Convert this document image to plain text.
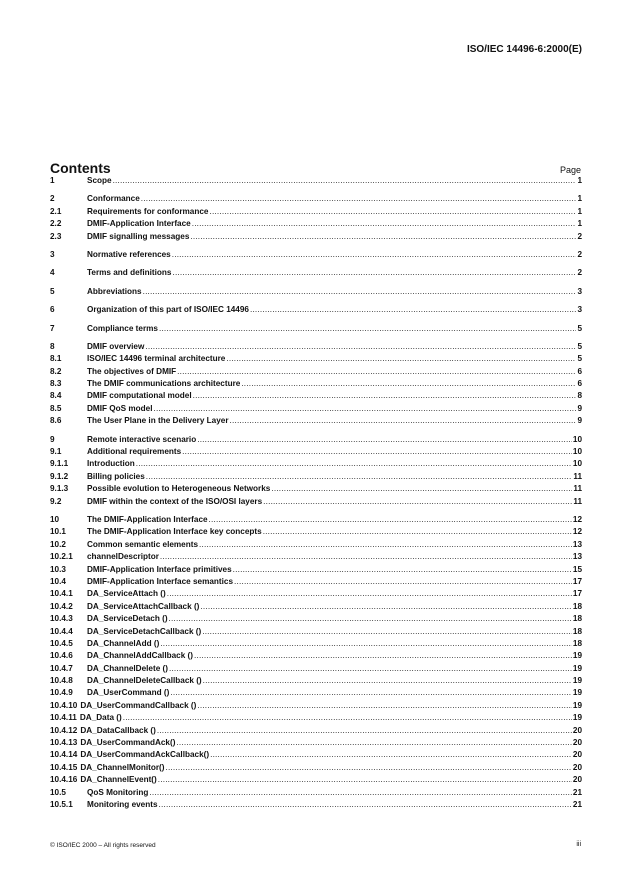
ISO/IEC 14496-6:2000(E)
Contents	Page
1	Scope .....	1
2	Conformance .....	1
2.1	Requirements for conformance .....	1
2.2	DMIF-Application Interface .....	1
2.3	DMIF signalling messages .....	2
3	Normative references .....	2
4	Terms and definitions .....	2
5	Abbreviations .....	3
6	Organization of this part of ISO/IEC 14496 .....	3
7	Compliance terms .....	5
8	DMIF overview .....	5
8.1	ISO/IEC 14496 terminal architecture .....	5
8.2	The objectives of DMIF .....	6
8.3	The DMIF communications architecture .....	6
8.4	DMIF computational model .....	8
8.5	DMIF QoS model .....	9
8.6	The User Plane in the Delivery Layer .....	9
9	Remote interactive scenario .....	10
9.1	Additional requirements .....	10
9.1.1	Introduction .....	10
9.1.2	Billing policies .....	11
9.1.3	Possible evolution to Heterogeneous Networks .....	11
9.2	DMIF within the context of the ISO/OSI layers .....	11
10	The DMIF-Application Interface .....	12
10.1	The DMIF-Application Interface key concepts .....	12
10.2	Common semantic elements .....	13
10.2.1	channelDescriptor .....	13
10.3	DMIF-Application Interface primitives .....	15
10.4	DMIF-Application Interface semantics .....	17
10.4.1	DA_ServiceAttach () .....	17
10.4.2	DA_ServiceAttachCallback () .....	18
10.4.3	DA_ServiceDetach () .....	18
10.4.4	DA_ServiceDetachCallback () .....	18
10.4.5	DA_ChannelAdd () .....	18
10.4.6	DA_ChannelAddCallback () .....	19
10.4.7	DA_ChannelDelete () .....	19
10.4.8	DA_ChannelDeleteCallback () .....	19
10.4.9	DA_UserCommand () .....	19
10.4.10 DA_UserCommandCallback () .....	19
10.4.11 DA_Data () .....	19
10.4.12 DA_DataCallback () .....	20
10.4.13 DA_UserCommandAck() .....	20
10.4.14 DA_UserCommandAckCallback() .....	20
10.4.15 DA_ChannelMonitor() .....	20
10.4.16 DA_ChannelEvent() .....	20
10.5	QoS Monitoring .....	21
10.5.1	Monitoring events .....	21
© ISO/IEC 2000 – All rights reserved	iii
